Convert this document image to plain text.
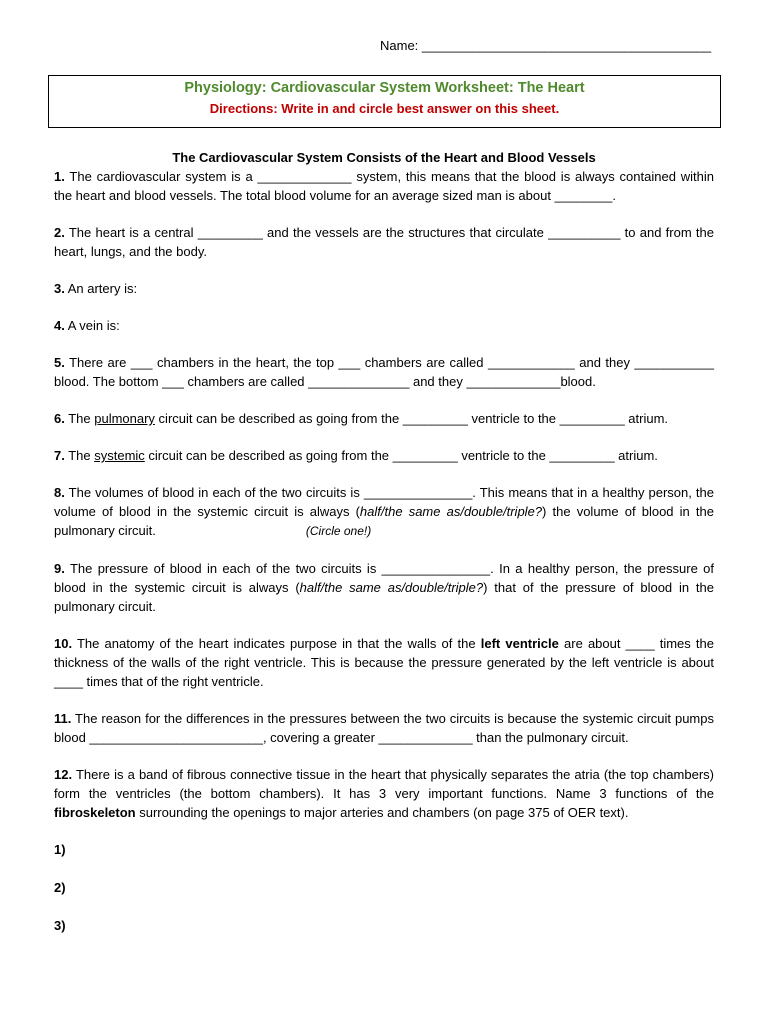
Name: ________________________________________
Physiology: Cardiovascular System Worksheet: The Heart
Directions: Write in and circle best answer on this sheet.

The Cardiovascular System Consists of the Heart and Blood Vessels

1. The cardiovascular system is a _____________ system, this means that the blood is always contained within the heart and blood vessels. The total blood volume for an average sized man is about ________.

2. The heart is a central _________ and the vessels are the structures that circulate __________ to and from the heart, lungs, and the body.

3. An artery is:

4. A vein is:

5. There are ___ chambers in the heart, the top ___ chambers are called ____________ and they ___________ blood. The bottom ___ chambers are called ______________ and they _____________blood.

6. The pulmonary circuit can be described as going from the _________ ventricle to the _________ atrium.

7. The systemic circuit can be described as going from the _________ ventricle to the _________ atrium.

8. The volumes of blood in each of the two circuits is _______________. This means that in a healthy person, the volume of blood in the systemic circuit is always (half/the same as/double/triple?) the volume of blood in the pulmonary circuit.	(Circle one!)

9. The pressure of blood in each of the two circuits is _______________. In a healthy person, the pressure of blood in the systemic circuit is always (half/the same as/double/triple?) that of the pressure of blood in the pulmonary circuit.

10. The anatomy of the heart indicates purpose in that the walls of the left ventricle are about ____ times the thickness of the walls of the right ventricle. This is because the pressure generated by the left ventricle is about ____ times that of the right ventricle.

11. The reason for the differences in the pressures between the two circuits is because the systemic circuit pumps blood ________________________, covering a greater _____________ than the pulmonary circuit.

12. There is a band of fibrous connective tissue in the heart that physically separates the atria (the top chambers) form the ventricles (the bottom chambers). It has 3 very important functions. Name 3 functions of the fibroskeleton surrounding the openings to major arteries and chambers (on page 375 of OER text).

1)

2)

3)
